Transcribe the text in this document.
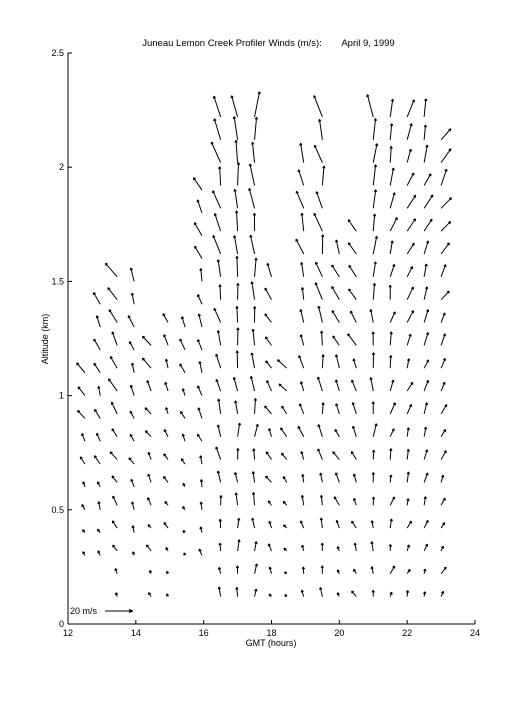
Juneau Lemon Creek Profiler Winds (m/s): April 9, 1999
12	14	16	18	20	22	24
0
0.5
1
1.5
2
2.5
GMT (hours)
Altitude (km)
20 m/s
